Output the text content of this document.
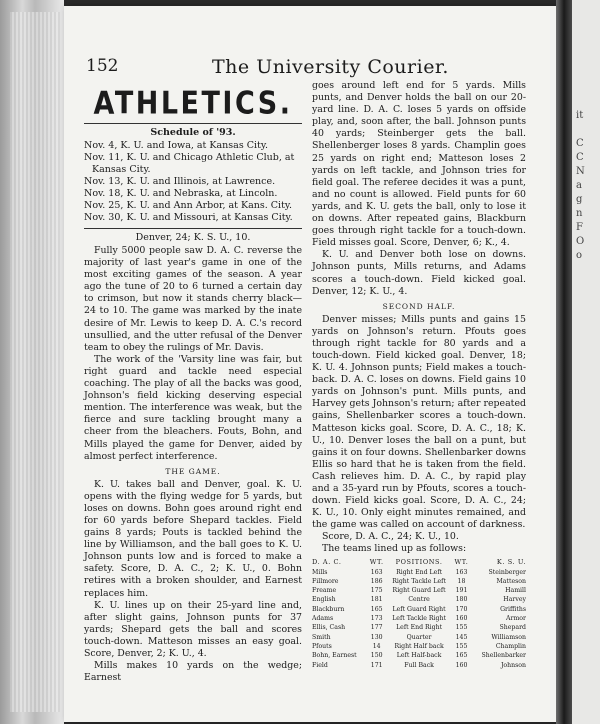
it
C
C
N
a
g
n
F
O
o
152	The University Courier.
ATHLETICS.
Schedule of '93.
Nov. 4, K. U. and Iowa, at Kansas City.
Nov. 11, K. U. and Chicago Athletic Club, at Kansas City.
Nov. 13, K. U. and Illinois, at Lawrence.
Nov. 18, K. U. and Nebraska, at Lincoln.
Nov. 25, K. U. and Ann Arbor, at Kans. City.
Nov. 30, K. U. and Missouri, at Kansas City.
Denver, 24; K. S. U., 10.

Fully 5000 people saw D. A. C. reverse the majority of last year's game in one of the most exciting games of the season. A year ago the tune of 20 to 6 turned a certain day to crimson, but now it stands cherry black—24 to 10. The game was marked by the inate desire of Mr. Lewis to keep D. A. C.'s record unsullied, and the utter refusal of the Denver team to obey the rulings of Mr. Davis.

The work of the 'Varsity line was fair, but right guard and tackle need especial coaching. The play of all the backs was good, Johnson's field kicking deserving especial mention. The interference was weak, but the fierce and sure tackling brought many a cheer from the bleachers. Fouts, Bohn, and Mills played the game for Denver, aided by almost perfect interference.

THE GAME.

K. U. takes ball and Denver, goal. K. U. opens with the flying wedge for 5 yards, but loses on downs. Bohn goes around right end for 60 yards before Shepard tackles. Field gains 8 yards; Pouts is tackled behind the line by Williamson, and the ball goes to K. U. Johnson punts low and is forced to make a safety. Score, D. A. C., 2; K. U., 0. Bohn retires with a broken shoulder, and Earnest replaces him.

K. U. lines up on their 25-yard line and, after slight gains, Johnson punts for 37 yards; Shepard gets the ball and scores touch-down. Matteson misses an easy goal. Score, Denver, 2; K. U., 4.

Mills makes 10 yards on the wedge; Earnest

goes around left end for 5 yards. Mills punts, and Denver holds the ball on our 20-yard line. D. A. C. loses 5 yards on offside play, and, soon after, the ball. Johnson punts 40 yards; Steinberger gets the ball. Shellenberger loses 8 yards. Champlin goes 25 yards on right end; Matteson loses 2 yards on left tackle, and Johnson tries for field goal. The referee decides it was a punt, and no count is allowed. Field punts for 60 yards, and K. U. gets the ball, only to lose it on downs. After repeated gains, Blackburn goes through right tackle for a touch-down. Field misses goal. Score, Denver, 6; K., 4.

K. U. and Denver both lose on downs. Johnson punts, Mills returns, and Adams scores a touch-down. Field kicked goal. Denver, 12; K. U., 4.

SECOND HALF.

Denver misses; Mills punts and gains 15 yards on Johnson's return. Pfouts goes through right tackle for 80 yards and a touch-down. Field kicked goal. Denver, 18; K. U. 4. Johnson punts; Field makes a touch-back. D. A. C. loses on downs. Field gains 10 yards on Johnson's punt. Mills punts, and Harvey gets Johnson's return; after repeated gains, Shellenbarker scores a touch-down. Matteson kicks goal. Score, D. A. C., 18; K. U., 10. Denver loses the ball on a punt, but gains it on four downs. Shellenbarker downs Ellis so hard that he is taken from the field. Cash relieves him. D. A. C., by rapid play and a 35-yard run by Pfouts, scores a touch-down. Field kicks goal. Score, D. A. C., 24; K. U., 10. Only eight minutes remained, and the game was called on account of darkness.

Score, D. A. C., 24; K. U., 10.

The teams lined up as follows:

D. A. C.	WT.	POSITIONS.	WT.	K. S. U.
Mills	163	Right End Left	163	Steinberger
Fillmore	186	Right Tackle Left	18	Matteson
Freame	175	Right Guard Left	191	Hamill
English	181	Centre	180	Harvey
Blackburn	165	Left Guard Right	170	Griffiths
Adams	173	Left Tackle Right	160	Armor
Ellis, Cash	177	Left End Right	155	Shepard
Smith	130	Quarter	145	Williamson
Pfouts	14	Right Half back	155	Champlin
Bohn, Earnest	150	Left Half-back	165	Shellenbarker
Field	171	Full Back	160	Johnson
